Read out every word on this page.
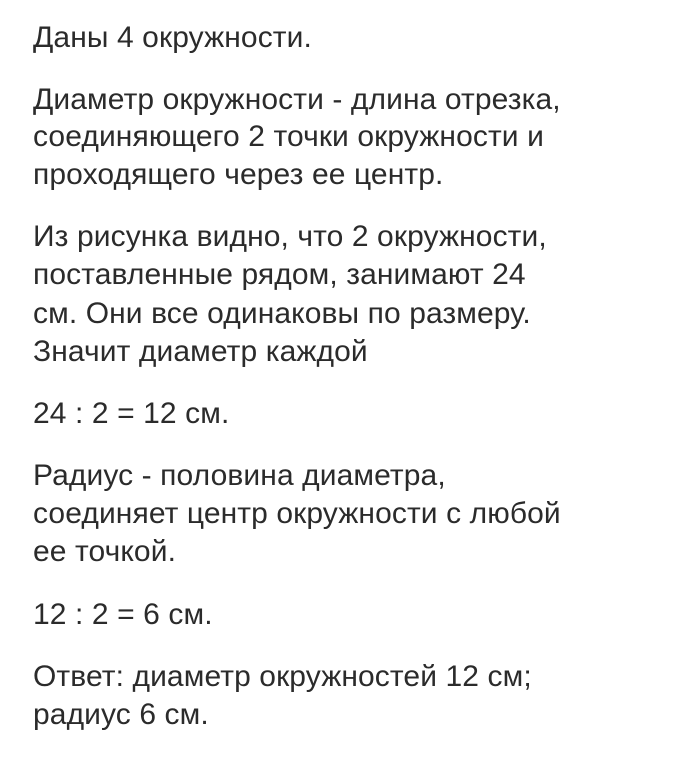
Даны 4 окружности.
Диаметр окружности - длина отрезка,
соединяющего 2 точки окружности и
проходящего через ее центр.
Из рисунка видно, что 2 окружности,
поставленные рядом, занимают 24
см. Они все одинаковы по размеру.
Значит диаметр каждой
24 : 2 = 12 см.
Радиус - половина диаметра,
соединяет центр окружности с любой
ее точкой.
12 : 2 = 6 см.
Ответ: диаметр окружностей 12 см;
радиус 6 см.
